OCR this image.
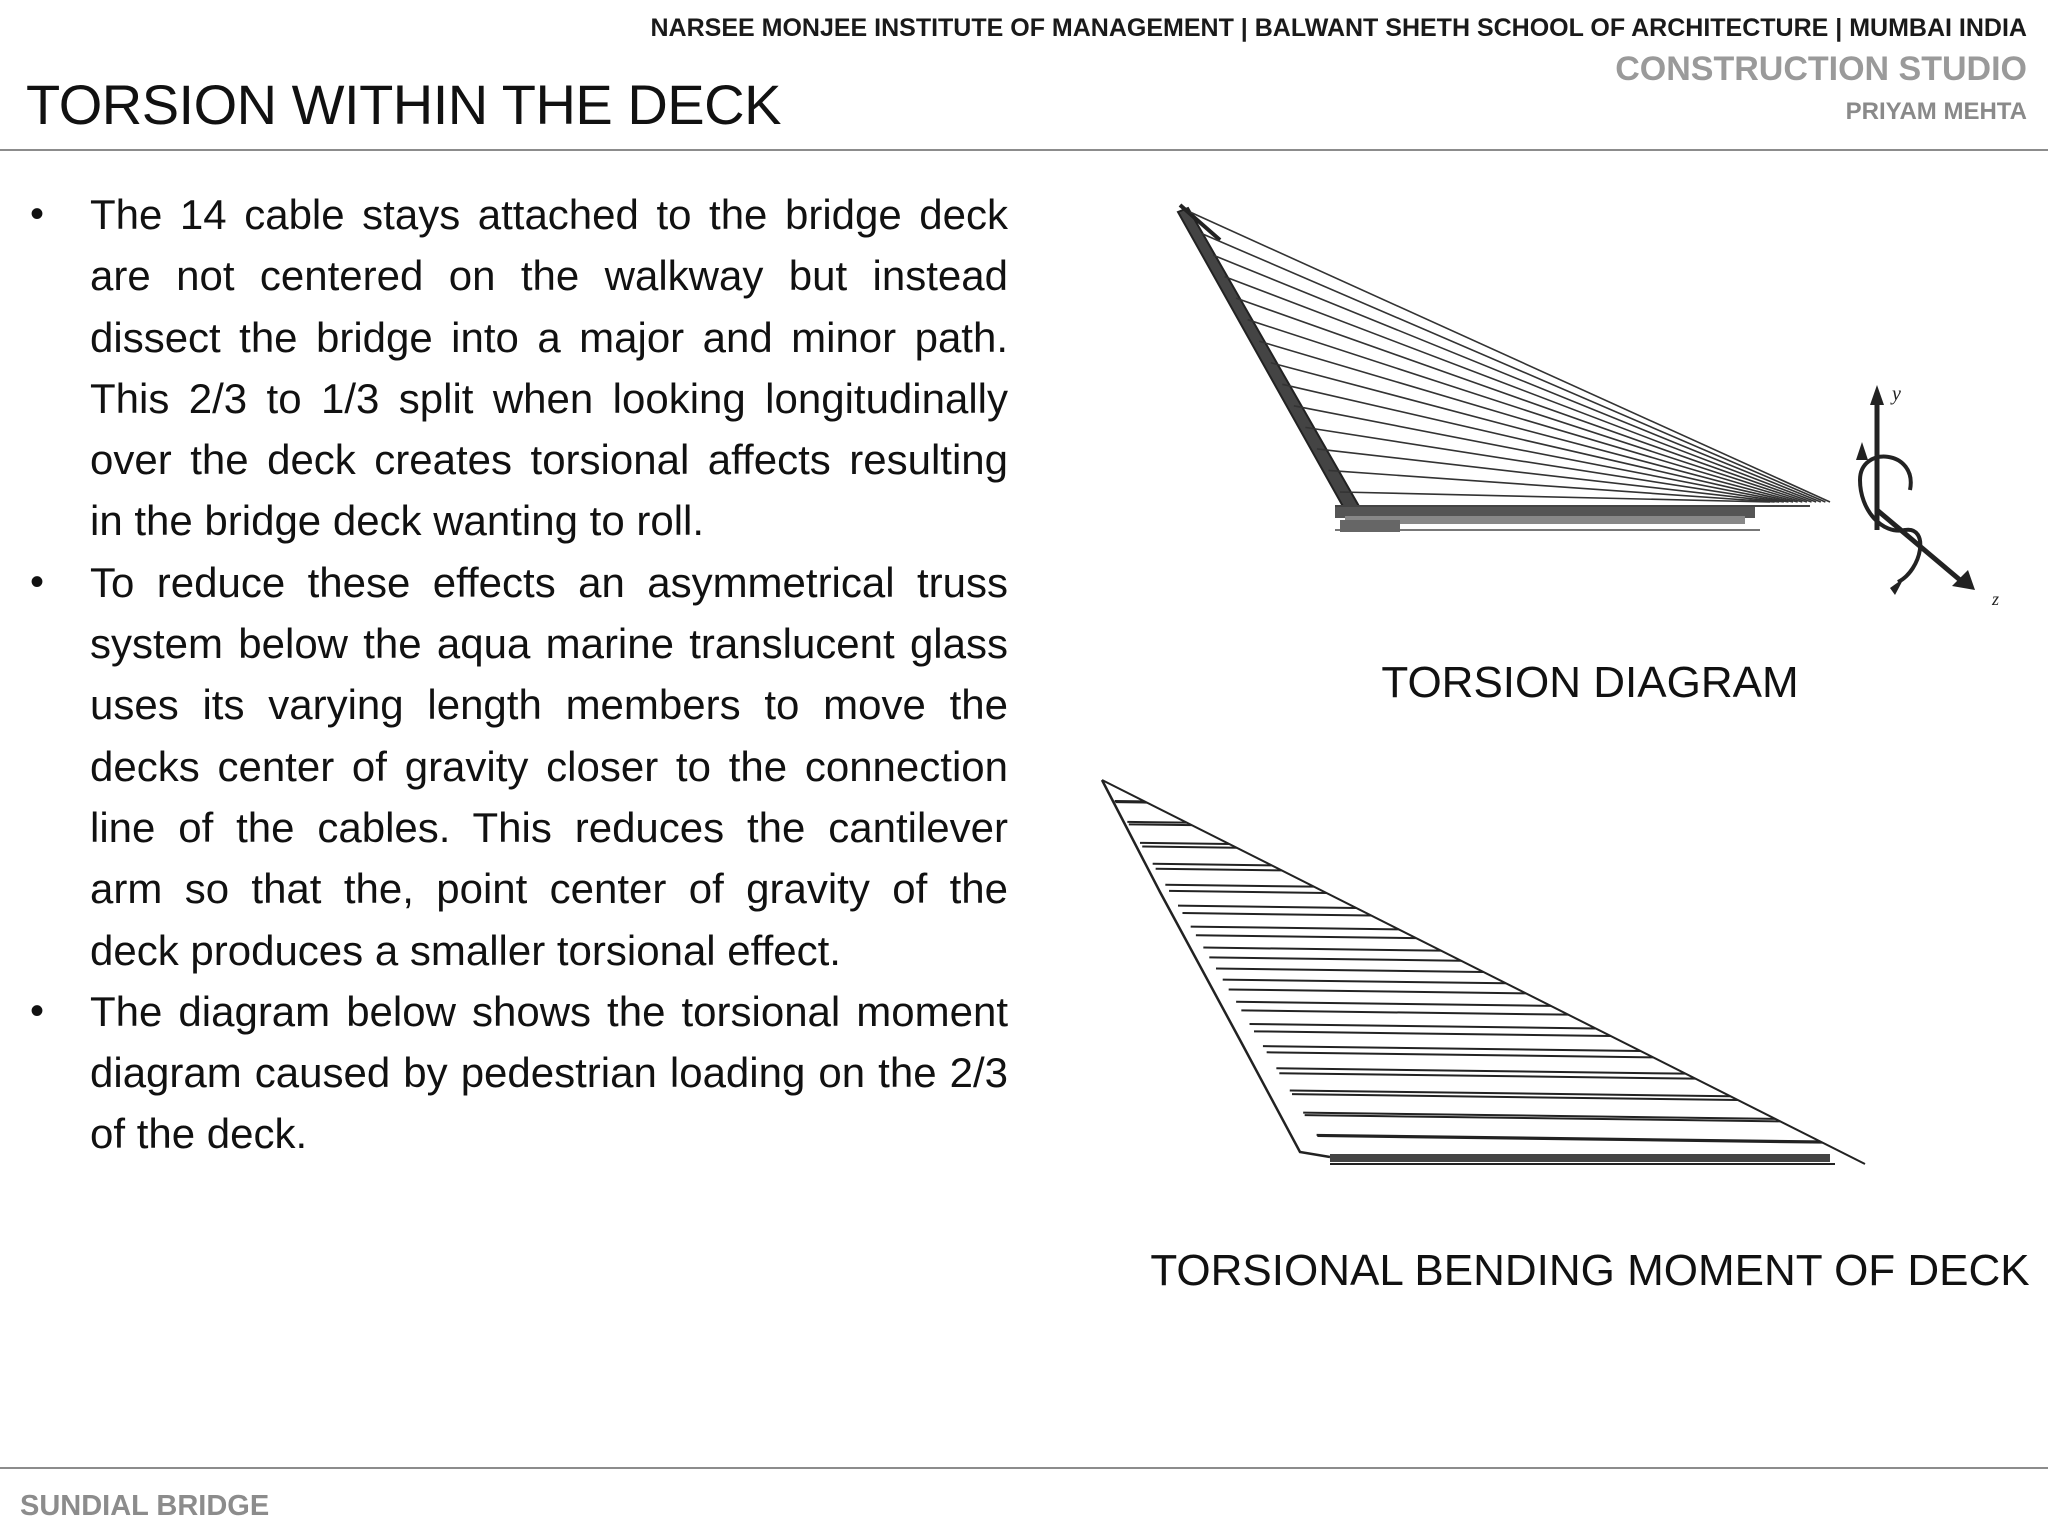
NARSEE MONJEE INSTITUTE OF MANAGEMENT | BALWANT SHETH SCHOOL OF ARCHITECTURE | MUMBAI INDIA
CONSTRUCTION STUDIO
PRIYAM MEHTA
TORSION WITHIN THE DECK
• The 14 cable stays attached to the bridge deck are not centered on the walkway but instead dissect the bridge into a major and minor path. This 2/3 to 1/3 split when looking longitudinally over the deck creates torsional affects resulting in the bridge deck wanting to roll.
• To reduce these effects an asymmetrical truss system below the aqua marine translucent glass uses its varying length members to move the decks center of gravity closer to the connection line of the cables. This reduces the cantilever arm so that the, point center of gravity of the deck produces a smaller torsional effect.
• The diagram below shows the torsional moment diagram caused by pedestrian loading on the 2/3 of the deck.
y
z
TORSION DIAGRAM
TORSIONAL BENDING MOMENT OF DECK
SUNDIAL BRIDGE
